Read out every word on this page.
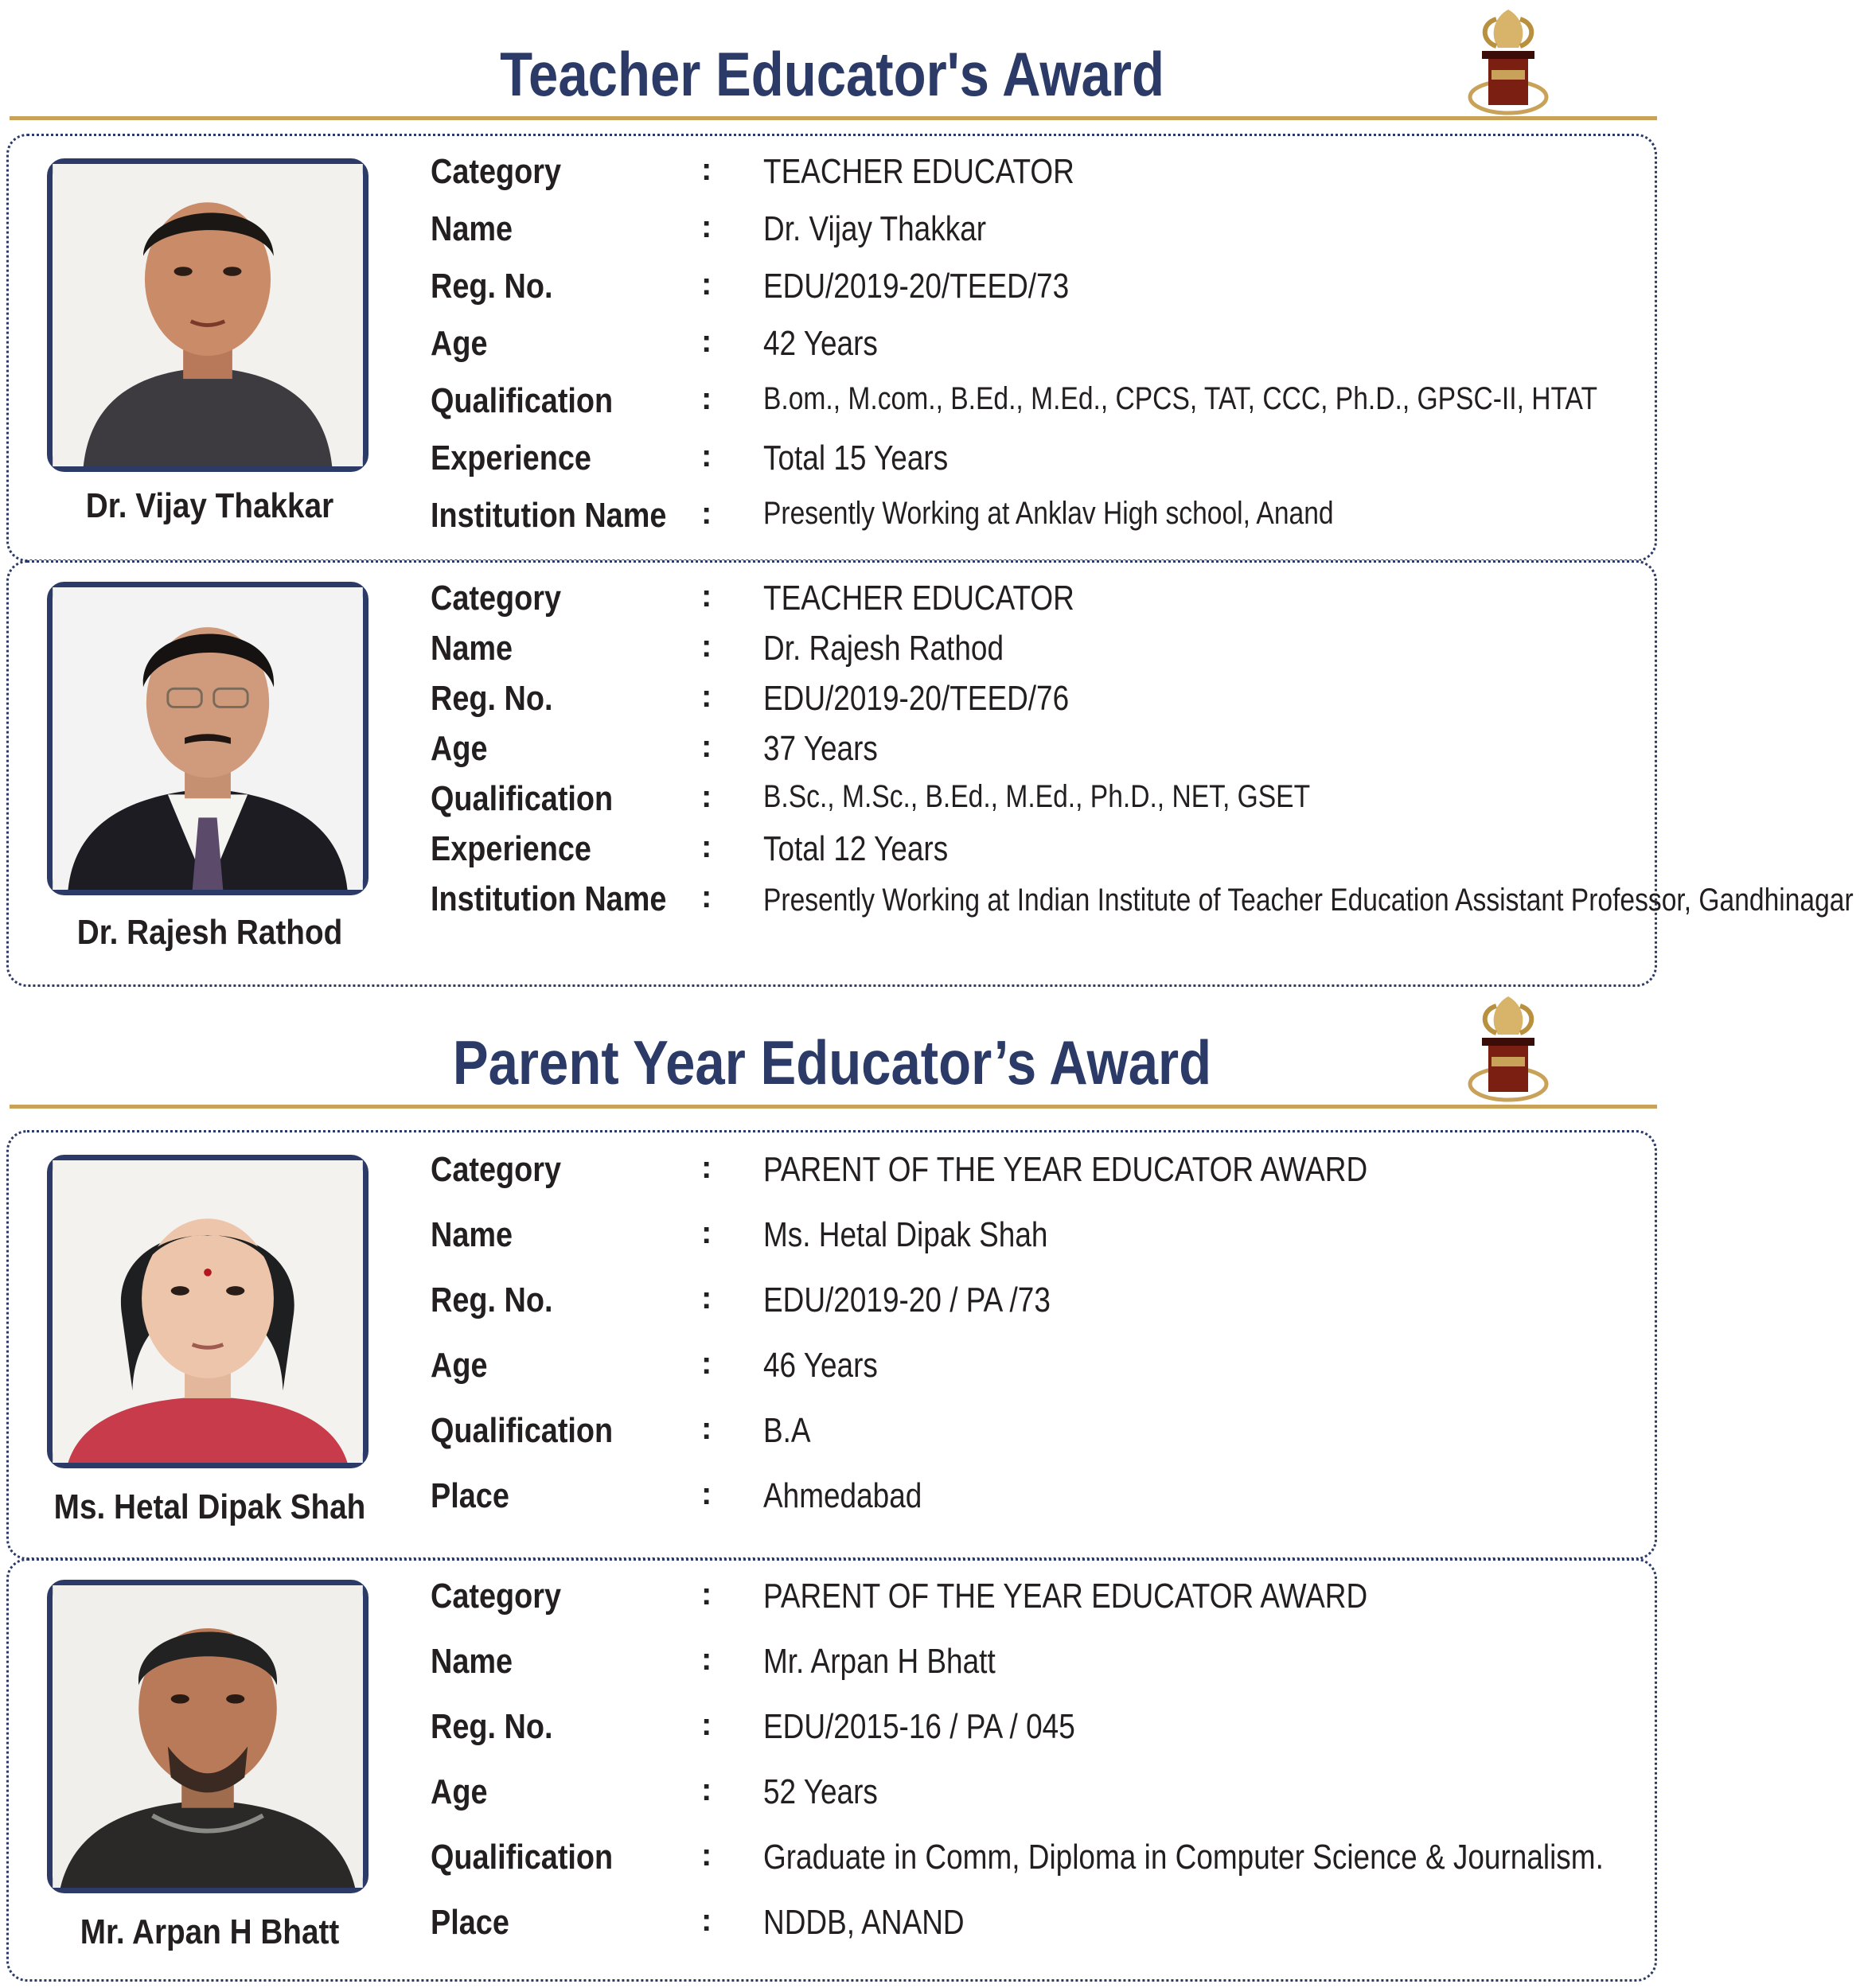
Teacher Educator's Award
Dr. Vijay Thakkar
Category	: TEACHER EDUCATOR
Name	: Dr. Vijay Thakkar
Reg. No.	: EDU/2019-20/TEED/73
Age	: 42 Years
Qualification	: B.om., M.com., B.Ed., M.Ed., CPCS, TAT, CCC, Ph.D., GPSC-II, HTAT
Experience	: Total 15 Years
Institution Name : Presently Working at Anklav High school, Anand
Dr. Rajesh Rathod
Category	: TEACHER EDUCATOR
Name	: Dr. Rajesh Rathod
Reg. No.	: EDU/2019-20/TEED/76
Age	: 37 Years
Qualification	: B.Sc., M.Sc., B.Ed., M.Ed., Ph.D., NET, GSET
Experience	: Total 12 Years
Institution Name : Presently Working at Indian Institute of Teacher Education Assistant Professor, Gandhinagar
Parent Year Educator’s Award
Ms. Hetal Dipak Shah
Category	: PARENT OF THE YEAR EDUCATOR AWARD
Name	: Ms. Hetal Dipak Shah
Reg. No.	: EDU/2019-20 / PA /73
Age	: 46 Years
Qualification	: B.A
Place	: Ahmedabad
Mr. Arpan H Bhatt
Category	: PARENT OF THE YEAR EDUCATOR AWARD
Name	: Mr. Arpan H Bhatt
Reg. No.	: EDU/2015-16 / PA / 045
Age	: 52 Years
Qualification	: Graduate in Comm, Diploma in Computer Science & Journalism.
Place	: NDDB, ANAND
